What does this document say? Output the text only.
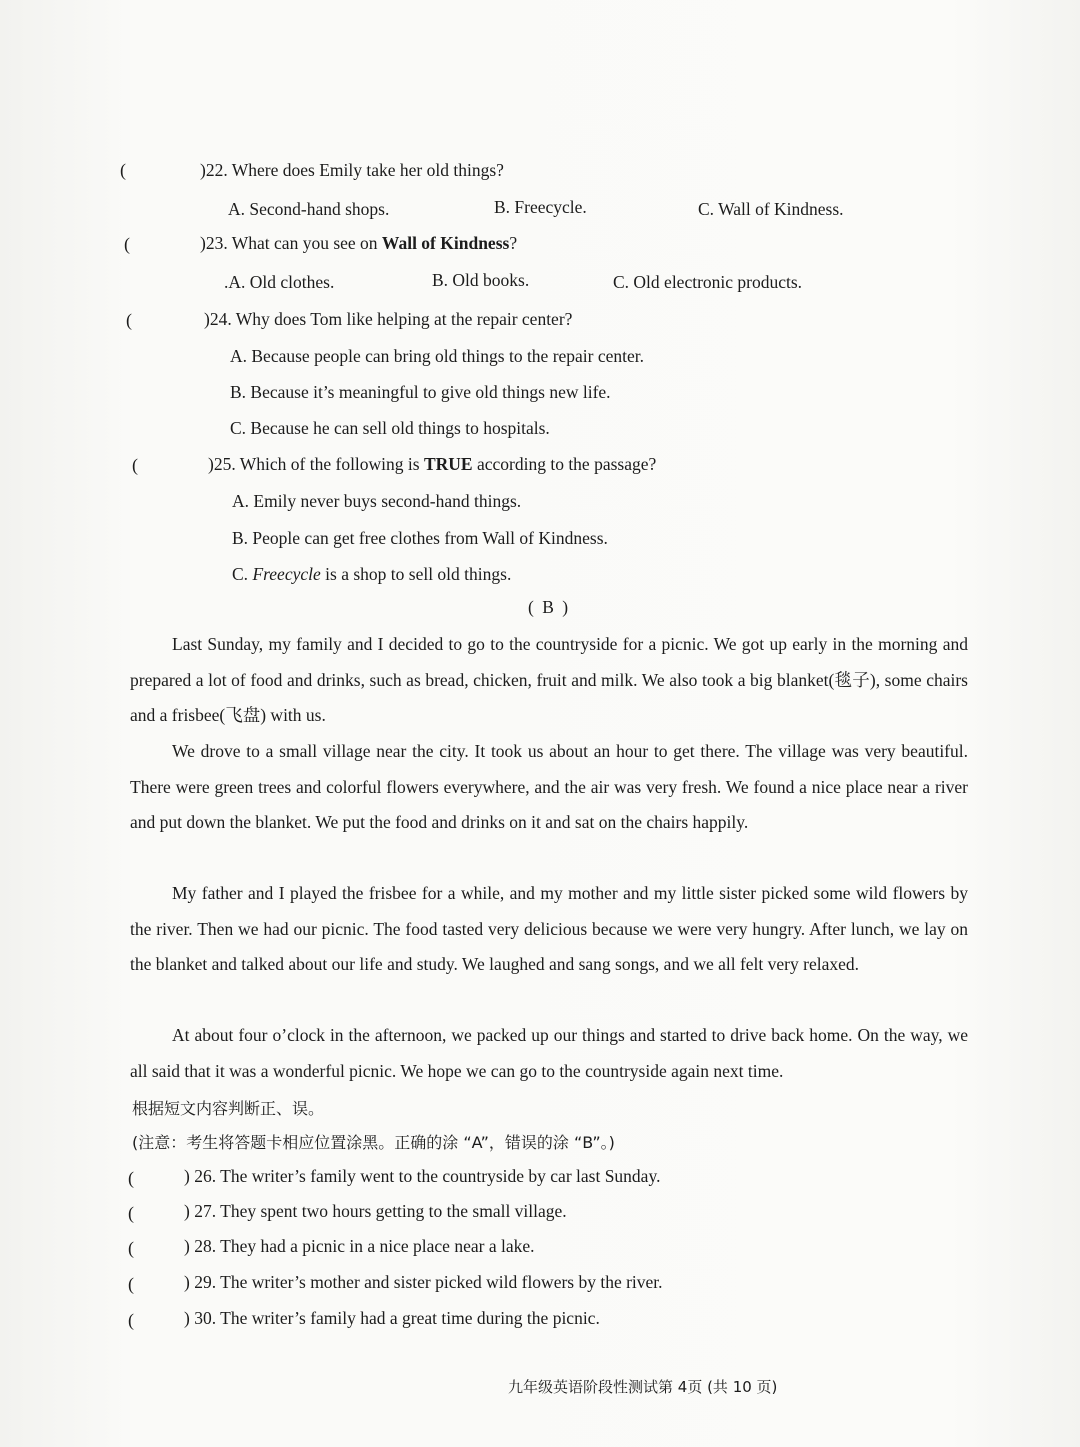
(	)22. Where does Emily take her old things?
A. Second-hand shops.	B. Freecycle.	C. Wall of Kindness.
(	)23. What can you see on Wall of Kindness?
.A. Old clothes.	B. Old books.	C. Old electronic products.
(	)24. Why does Tom like helping at the repair center?
A. Because people can bring old things to the repair center.
B. Because it’s meaningful to give old things new life.
C. Because he can sell old things to hospitals.
(	)25. Which of the following is TRUE according to the passage?
A. Emily never buys second-hand things.
B. People can get free clothes from Wall of Kindness.
C. Freecycle is a shop to sell old things.
( B )
Last Sunday, my family and I decided to go to the countryside for a picnic. We got up early in the morning and prepared a lot of food and drinks, such as bread, chicken, fruit and milk. We also took a big blanket(毯子), some chairs and a frisbee(飞盘) with us.
We drove to a small village near the city. It took us about an hour to get there. The village was very beautiful. There were green trees and colorful flowers everywhere, and the air was very fresh. We found a nice place near a river and put down the blanket. We put the food and drinks on it and sat on the chairs happily.
My father and I played the frisbee for a while, and my mother and my little sister picked some wild flowers by the river. Then we had our picnic. The food tasted very delicious because we were very hungry. After lunch, we lay on the blanket and talked about our life and study. We laughed and sang songs, and we all felt very relaxed.
At about four o’clock in the afternoon, we packed up our things and started to drive back home. On the way, we all said that it was a wonderful picnic. We hope we can go to the countryside again next time.
根据短文内容判断正、误。
(注意：考生将答题卡相应位置涂黑。正确的涂 “A”，错误的涂 “B”。)
(	) 26. The writer’s family went to the countryside by car last Sunday.
(	) 27. They spent two hours getting to the small village.
(	) 28. They had a picnic in a nice place near a lake.
(	) 29. The writer’s mother and sister picked wild flowers by the river.
(	) 30. The writer’s family had a great time during the picnic.
九年级英语阶段性测试第 4页 (共 10 页)
